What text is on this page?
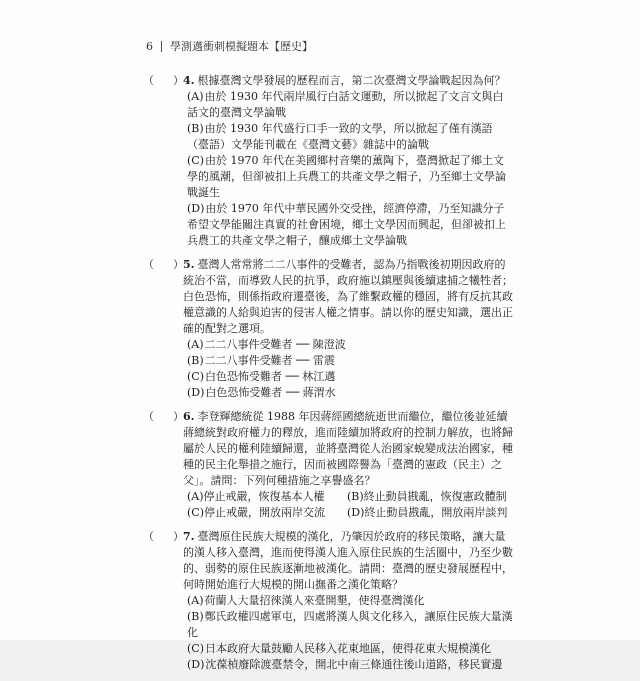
6 學測邁衝刺模擬題本【歷史】
（ ） 4. 根據臺灣文學發展的歷程而言，第二次臺灣文學論戰起因為何？
(A)由於 1930 年代兩岸風行白話文運動，所以掀起了文言文與白話文的臺灣文學論戰
(B)由於 1930 年代盛行口手一致的文學，所以掀起了僅有漢語（臺語）文學能刊載在《臺灣文藝》雜誌中的論戰
(C)由於 1970 年代在美國鄉村音樂的薰陶下，臺灣掀起了鄉土文學的風潮，但卻被扣上兵農工的共產文學之帽子，乃至鄉土文學論戰誕生
(D)由於 1970 年代中華民國外交受挫，經濟停滯，乃至知識分子希望文學能關注真實的社會困境，鄉土文學因而興起，但卻被扣上兵農工的共產文學之帽子，釀成鄉土文學論戰
（ ） 5. 臺灣人常常將二二八事件的受難者，認為乃指戰後初期因政府的統治不當，而導致人民的抗爭，政府施以鎮壓與後續逮捕之犧牲者；白色恐怖，則係指政府遷臺後，為了維繫政權的穩固，將有反抗其政權意識的人給與迫害的侵害人權之情事。請以你的歷史知識，選出正確的配對之選項。
(A)二二八事件受難者 ── 陳澄波
(B)二二八事件受難者 ── 雷震
(C)白色恐怖受難者 ── 林江邁
(D)白色恐怖受難者 ── 蔣渭水
（ ） 6. 李登輝總統從 1988 年因蔣經國總統逝世而繼位，繼位後並延續蔣總統對政府權力的釋放，進而陸續加將政府的控制力解放，也將歸屬於人民的權利陸續歸還，並將臺灣從人治國家蛻變成法治國家，種種的民主化舉措之施行，因而被國際譽為「臺灣的憲政（民主）之父」。請問：下列何種措施之享譽盛名？
(A)停止戒嚴，恢復基本人權	(B)終止動員戡亂，恢復憲政體制
(C)停止戒嚴，開放兩岸交流	(D)終止動員戡亂，開放兩岸談判
（ ） 7. 臺灣原住民族大規模的漢化，乃肇因於政府的移民策略，讓大量的漢人移入臺灣，進而使得漢人進入原住民族的生活圈中，乃至少數的、弱勢的原住民族逐漸地被漢化。請問：臺灣的歷史發展歷程中，何時開始進行大規模的開山撫番之漢化策略？
(A)荷蘭人大量招徠漢人來臺開墾，使得臺灣漢化
(B)鄭氏政權四處軍屯，四處將漢人與文化移入，讓原住民族大量漢化
(C)日本政府大量鼓勵人民移入花東地區，使得花東大規模漢化
(D)沈葆楨廢除渡臺禁令，開北中南三條通往後山道路，移民實邊
